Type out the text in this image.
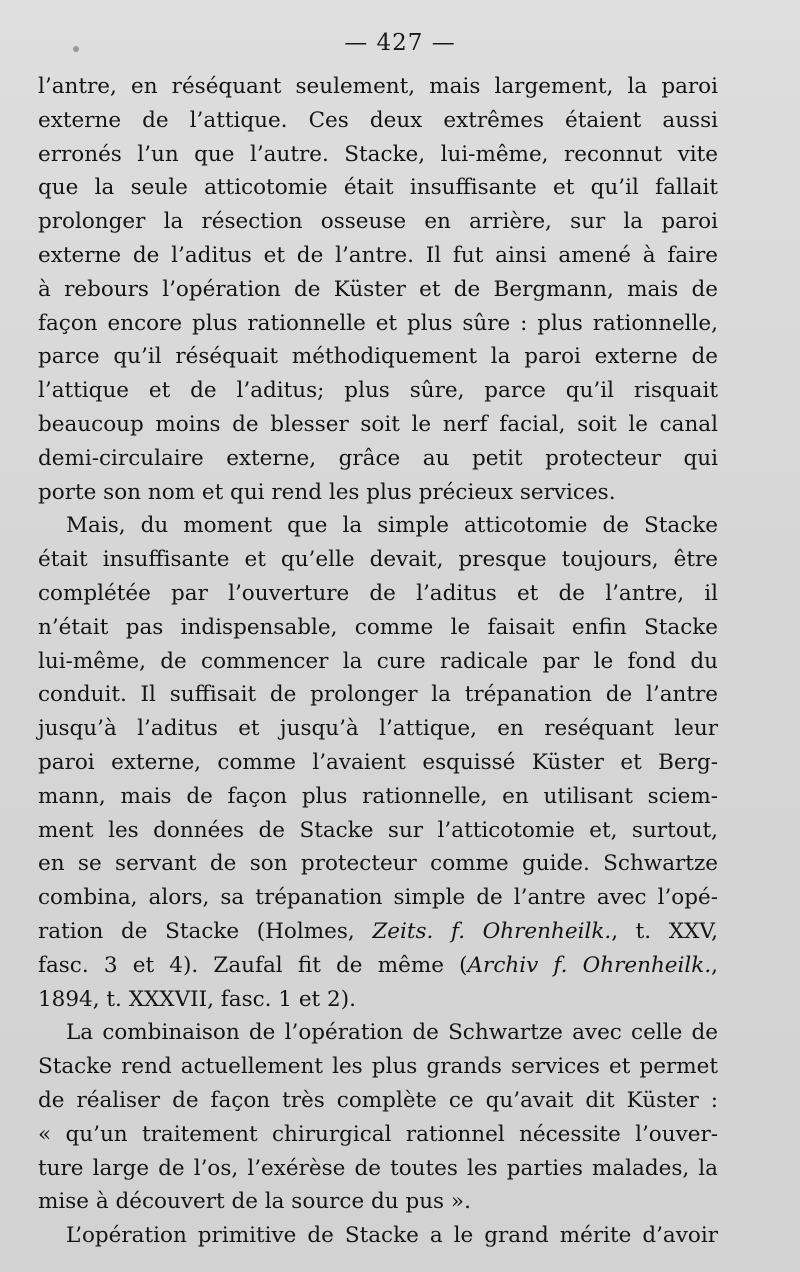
— 427 —
l’antre, en réséquant seulement, mais largement, la paroi
externe de l’attique. Ces deux extrêmes étaient aussi
erronés l’un que l’autre. Stacke, lui-même, reconnut vite
que la seule atticotomie était insuffisante et qu’il fallait
prolonger la résection osseuse en arrière, sur la paroi
externe de l’aditus et de l’antre. Il fut ainsi amené à faire
à rebours l’opération de Küster et de Bergmann, mais de
façon encore plus rationnelle et plus sûre : plus rationnelle,
parce qu’il réséquait méthodiquement la paroi externe de
l’attique et de l’aditus; plus sûre, parce qu’il risquait
beaucoup moins de blesser soit le nerf facial, soit le canal
demi-circulaire externe, grâce au petit protecteur qui
porte son nom et qui rend les plus précieux services.
Mais, du moment que la simple atticotomie de Stacke
était insuffisante et qu’elle devait, presque toujours, être
complétée par l’ouverture de l’aditus et de l’antre, il
n’était pas indispensable, comme le faisait enfin Stacke
lui-même, de commencer la cure radicale par le fond du
conduit. Il suffisait de prolonger la trépanation de l’antre
jusqu’à l’aditus et jusqu’à l’attique, en reséquant leur
paroi externe, comme l’avaient esquissé Küster et Berg-
mann, mais de façon plus rationnelle, en utilisant sciem-
ment les données de Stacke sur l’atticotomie et, surtout,
en se servant de son protecteur comme guide. Schwartze
combina, alors, sa trépanation simple de l’antre avec l’opé-
ration de Stacke (Holmes, Zeits. f. Ohrenheilk., t. XXV,
fasc. 3 et 4). Zaufal fit de même (Archiv f. Ohrenheilk.,
1894, t. XXXVII, fasc. 1 et 2).
La combinaison de l’opération de Schwartze avec celle de
Stacke rend actuellement les plus grands services et permet
de réaliser de façon très complète ce qu’avait dit Küster :
« qu’un traitement chirurgical rationnel nécessite l’ouver-
ture large de l’os, l’exérèse de toutes les parties malades, la
mise à découvert de la source du pus ».
L’opération primitive de Stacke a le grand mérite d’avoir
